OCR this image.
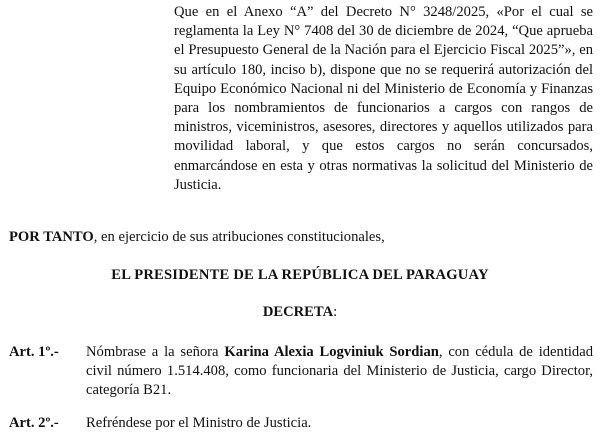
Que en el Anexo “A” del Decreto N° 3248/2025, «Por el cual se reglamenta la Ley N° 7408 del 30 de diciembre de 2024, “Que aprueba el Presupuesto General de la Nación para el Ejercicio Fiscal 2025”», en su artículo 180, inciso b), dispone que no se requerirá autorización del Equipo Económico Nacional ni del Ministerio de Economía y Finanzas para los nombramientos de funcionarios a cargos con rangos de ministros, viceministros, asesores, directores y aquellos utilizados para movilidad laboral, y que estos cargos no serán concursados, enmarcándose en esta y otras normativas la solicitud del Ministerio de Justicia.

POR TANTO, en ejercicio de sus atribuciones constitucionales,

EL PRESIDENTE DE LA REPÚBLICA DEL PARAGUAY
DECRETA:
Art. 1º.- Nómbrase a la señora Karina Alexia Logviniuk Sordian, con cédula de identidad civil número 1.514.408, como funcionaria del Ministerio de Justicia, cargo Director, categoría B21.
Art. 2º.- Refréndese por el Ministro de Justicia.
